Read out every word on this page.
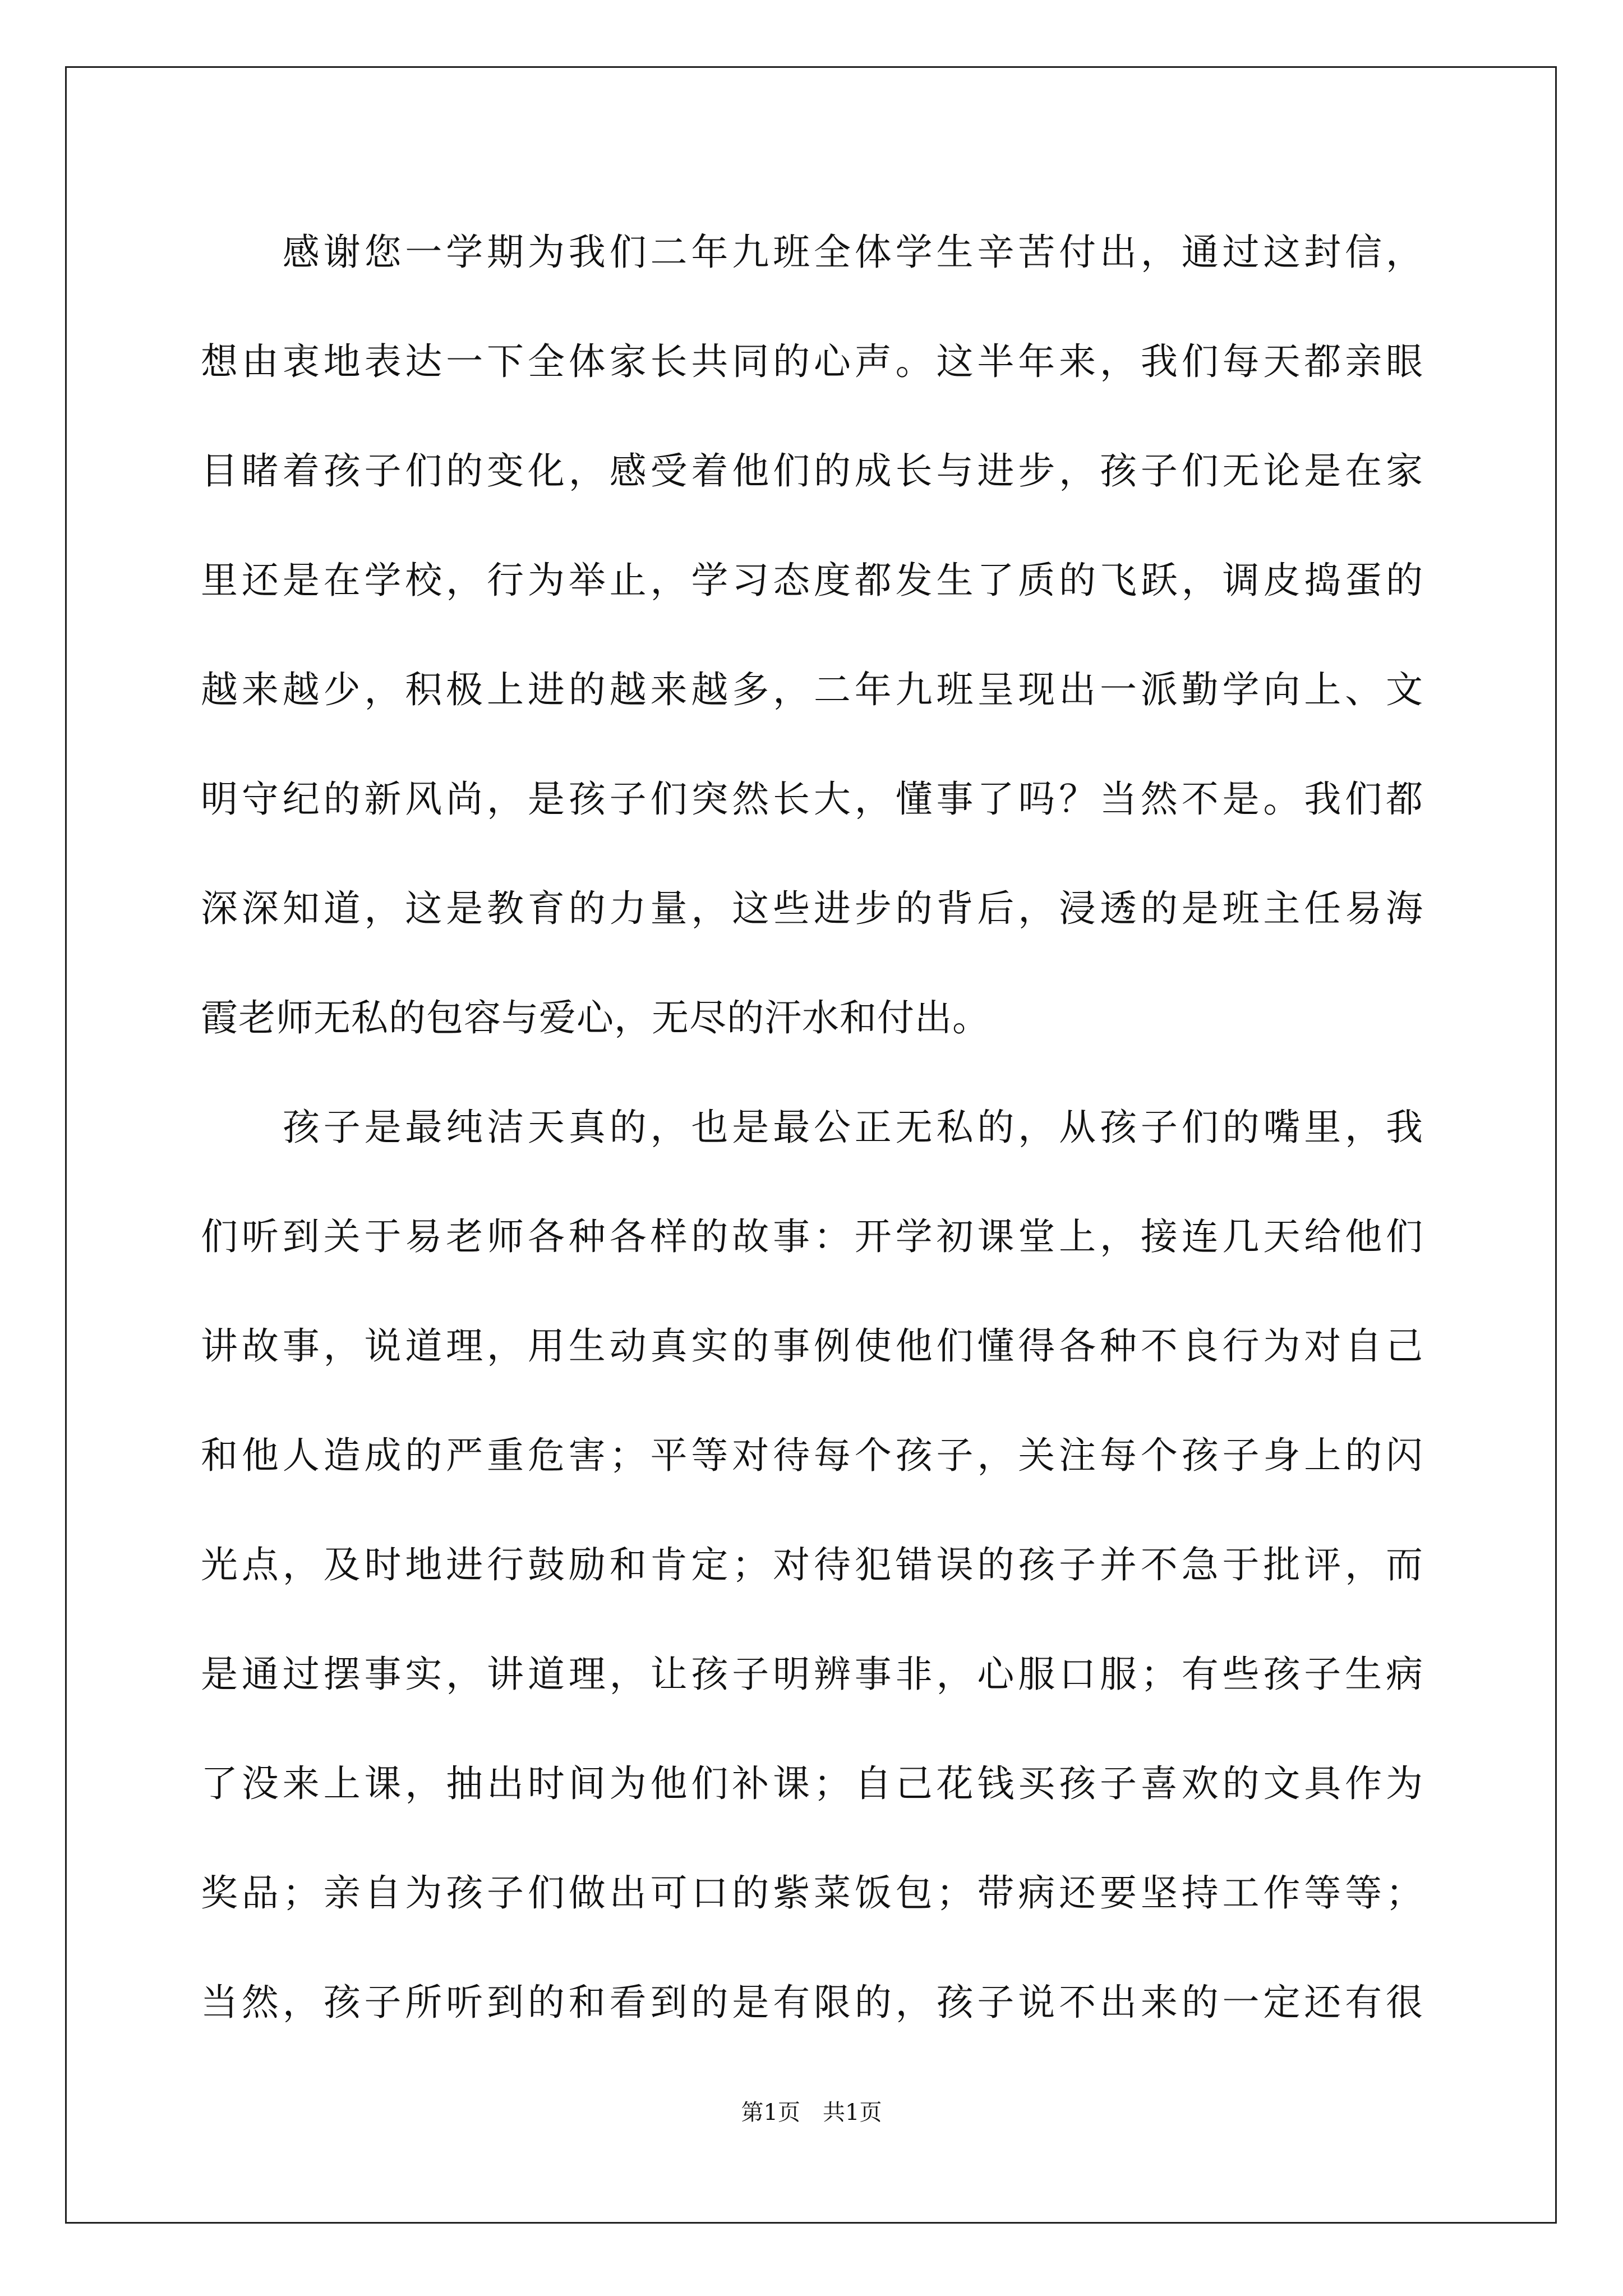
　　感谢您一学期为我们二年九班全体学生辛苦付出，通过这封信，
想由衷地表达一下全体家长共同的心声。这半年来，我们每天都亲眼
目睹着孩子们的变化，感受着他们的成长与进步，孩子们无论是在家
里还是在学校，行为举止，学习态度都发生了质的飞跃，调皮捣蛋的
越来越少，积极上进的越来越多，二年九班呈现出一派勤学向上、文
明守纪的新风尚，是孩子们突然长大，懂事了吗？当然不是。我们都
深深知道，这是教育的力量，这些进步的背后，浸透的是班主任易海
霞老师无私的包容与爱心，无尽的汗水和付出。
　　孩子是最纯洁天真的，也是最公正无私的，从孩子们的嘴里，我
们听到关于易老师各种各样的故事：开学初课堂上，接连几天给他们
讲故事，说道理，用生动真实的事例使他们懂得各种不良行为对自己
和他人造成的严重危害；平等对待每个孩子，关注每个孩子身上的闪
光点，及时地进行鼓励和肯定；对待犯错误的孩子并不急于批评，而
是通过摆事实，讲道理，让孩子明辨事非，心服口服；有些孩子生病
了没来上课，抽出时间为他们补课；自己花钱买孩子喜欢的文具作为
奖品；亲自为孩子们做出可口的紫菜饭包；带病还要坚持工作等等；
当然，孩子所听到的和看到的是有限的，孩子说不出来的一定还有很
第1页　共1页
